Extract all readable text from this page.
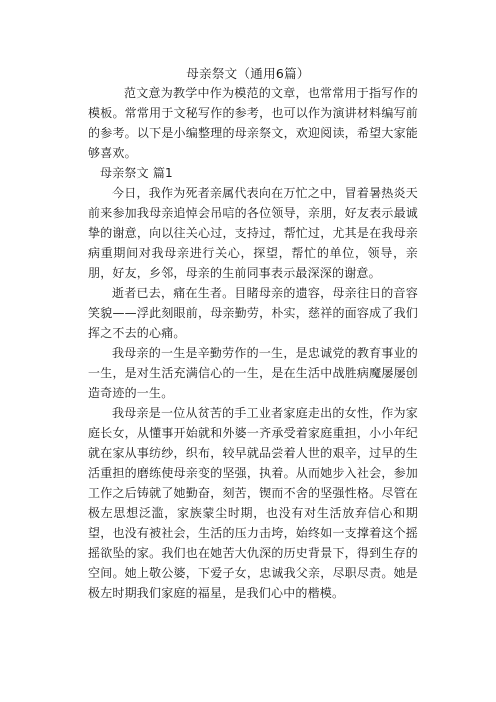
母亲祭文（通用6篇）

范文意为教学中作为模范的文章，也常常用于指写作的模板。常常用于文秘写作的参考，也可以作为演讲材料编写前的参考。以下是小编整理的母亲祭文，欢迎阅读，希望大家能够喜欢。

母亲祭文 篇1

今日，我作为死者亲属代表向在万忙之中，冒着暑热炎天前来参加我母亲追悼会吊唁的各位领导，亲朋，好友表示最诚挚的谢意，向以往关心过，支持过，帮忙过，尤其是在我母亲病重期间对我母亲进行关心，探望，帮忙的单位，领导，亲朋，好友，乡邻，母亲的生前同事表示最深深的谢意。

逝者已去，痛在生者。目睹母亲的遗容，母亲往日的音容笑貌——浮此刻眼前，母亲勤劳，朴实，慈祥的面容成了我们挥之不去的心痛。

我母亲的一生是辛勤劳作的一生，是忠诚党的教育事业的一生，是对生活充满信心的一生，是在生活中战胜病魔屡屡创造奇迹的一生。

我母亲是一位从贫苦的手工业者家庭走出的女性，作为家庭长女，从懂事开始就和外婆一齐承受着家庭重担，小小年纪就在家从事纺纱，织布，较早就品尝着人世的艰辛，过早的生活重担的磨练使母亲变的坚强，执着。从而她步入社会，参加工作之后铸就了她勤奋，刻苦，锲而不舍的坚强性格。尽管在极左思想泛滥，家族蒙尘时期，也没有对生活放弃信心和期望，也没有被社会，生活的压力击垮，始终如一支撑着这个摇摇欲坠的家。我们也在她苦大仇深的历史背景下，得到生存的空间。她上敬公婆，下爱子女，忠诚我父亲，尽职尽责。她是极左时期我们家庭的福星，是我们心中的楷模。
